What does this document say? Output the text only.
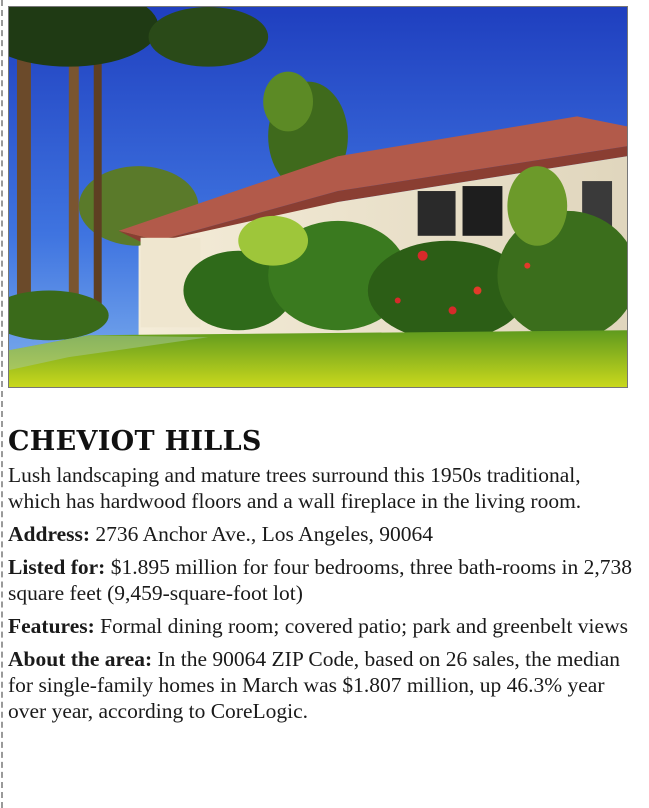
CHEVIOT HILLS

Lush landscaping and mature trees surround this 1950s traditional, which has hardwood floors and a wall fireplace in the living room.

Address: 2736 Anchor Ave., Los Angeles, 90064

Listed for: $1.895 million for four bedrooms, three bath-rooms in 2,738 square feet (9,459-square-foot lot)

Features: Formal dining room; covered patio; park and greenbelt views

About the area: In the 90064 ZIP Code, based on 26 sales, the median for single-family homes in March was $1.807 million, up 46.3% year over year, according to CoreLogic.
